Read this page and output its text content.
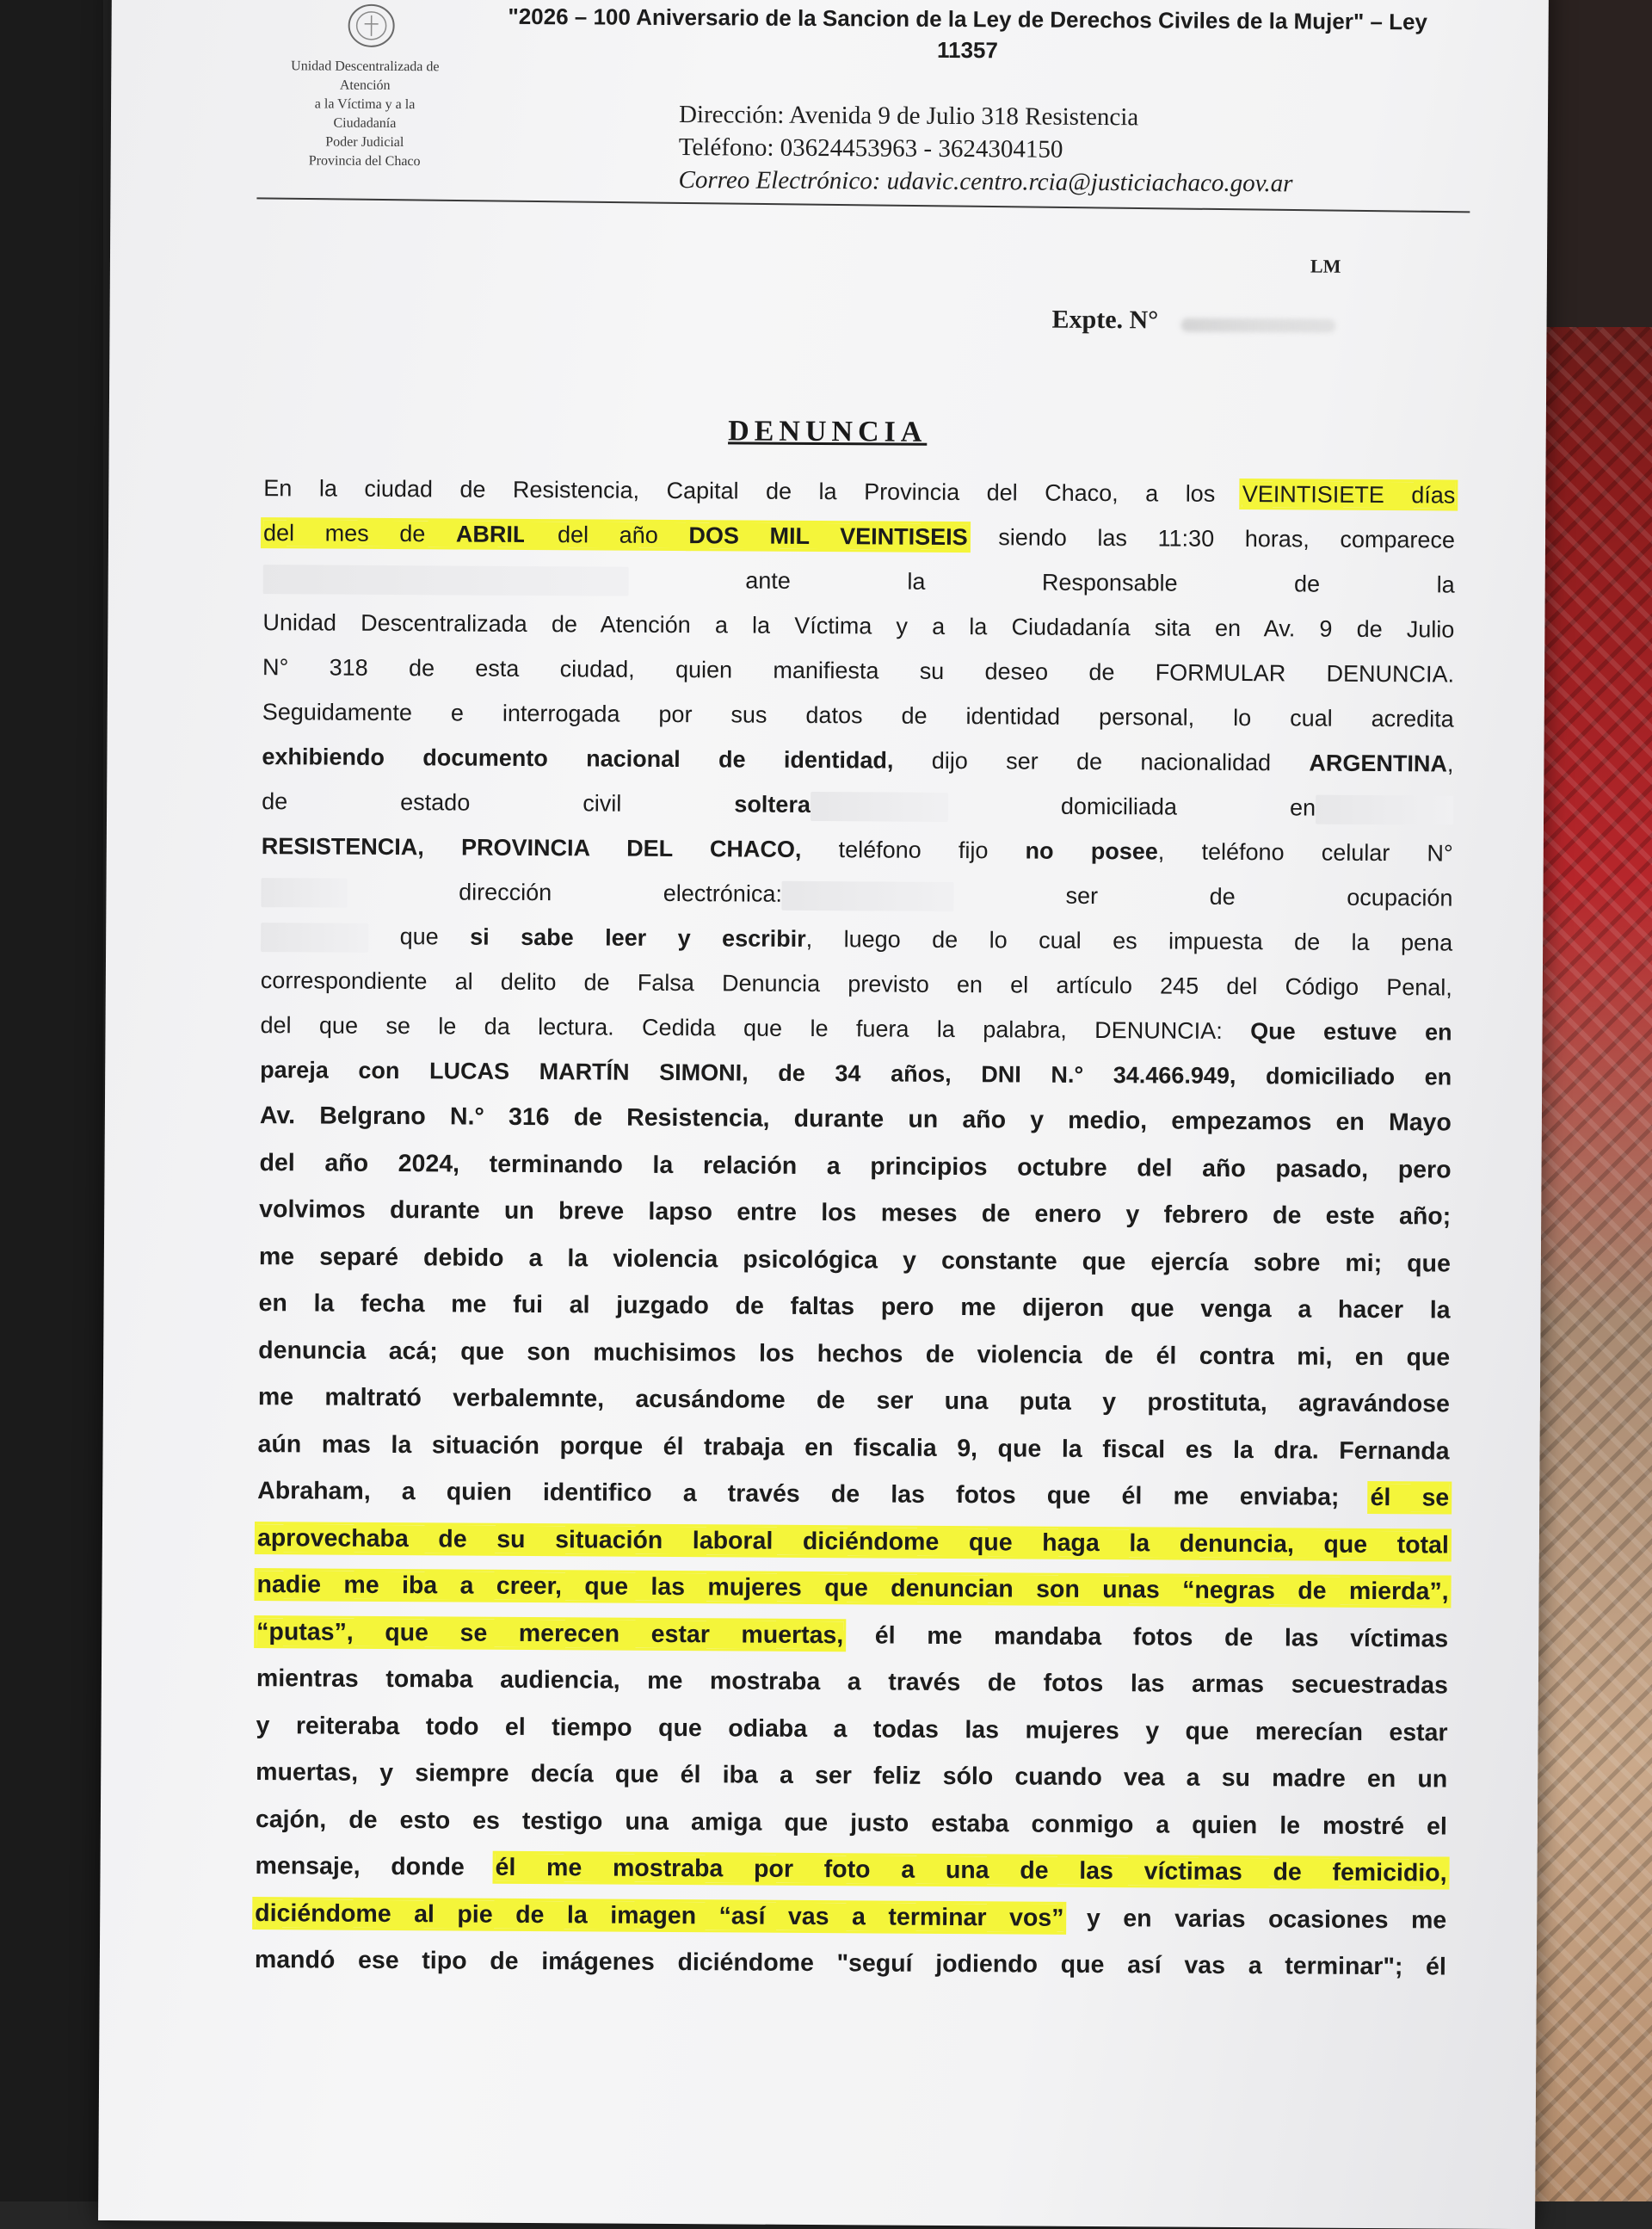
Unidad Descentralizada de
Atención
a la Víctima y a la
Ciudadanía
Poder Judicial
Provincia del Chaco
"2026 – 100 Aniversario de la Sancion de la Ley de Derechos Civiles de la Mujer" – Ley 11357
Dirección: Avenida 9 de Julio 318 Resistencia
Teléfono: 03624453963 - 3624304150
Correo Electrónico: udavic.centro.rcia@justiciachaco.gov.ar
LM
Expte. N°
DENUNCIA
En la ciudad de Resistencia, Capital de la Provincia del Chaco, a los VEINTISIETE días
del mes de ABRIL del año DOS MIL VEINTISEIS siendo las 11:30 horas, comparece
ante la Responsable de la
Unidad Descentralizada de Atención a la Víctima y a la Ciudadanía sita en Av. 9 de Julio
N° 318 de esta ciudad, quien manifiesta su deseo de FORMULAR DENUNCIA.
Seguidamente e interrogada por sus datos de identidad personal, lo cual acredita
exhibiendo documento nacional de identidad, dijo ser de nacionalidad ARGENTINA,
de estado civil soltera	domiciliada en
RESISTENCIA, PROVINCIA DEL CHACO, teléfono fijo no posee, teléfono celular N°
dirección electrónica:	ser de ocupación
que si sabe leer y escribir, luego de lo cual es impuesta de la pena
correspondiente al delito de Falsa Denuncia previsto en el artículo 245 del Código Penal,
del que se le da lectura. Cedida que le fuera la palabra, DENUNCIA: Que estuve en
pareja con LUCAS MARTÍN SIMONI, de 34 años, DNI N.° 34.466.949, domiciliado en
Av. Belgrano N.° 316 de Resistencia, durante un año y medio, empezamos en Mayo
del año 2024, terminando la relación a principios octubre del año pasado, pero
volvimos durante un breve lapso entre los meses de enero y febrero de este año;
me separé debido a la violencia psicológica y constante que ejercía sobre mi; que
en la fecha me fui al juzgado de faltas pero me dijeron que venga a hacer la
denuncia acá; que son muchisimos los hechos de violencia de él contra mi, en que
me maltrató verbalemnte, acusándome de ser una puta y prostituta, agravándose
aún mas la situación porque él trabaja en fiscalia 9, que la fiscal es la dra. Fernanda
Abraham, a quien identifico a través de las fotos que él me enviaba; él se
aprovechaba de su situación laboral diciéndome que haga la denuncia, que total
nadie me iba a creer, que las mujeres que denuncian son unas “negras de mierda”,
“putas”, que se merecen estar muertas, él me mandaba fotos de las víctimas
mientras tomaba audiencia, me mostraba a través de fotos las armas secuestradas
y reiteraba todo el tiempo que odiaba a todas las mujeres y que merecían estar
muertas, y siempre decía que él iba a ser feliz sólo cuando vea a su madre en un
cajón, de esto es testigo una amiga que justo estaba conmigo a quien le mostré el
mensaje, donde él me mostraba por foto a una de las víctimas de femicidio,
diciéndome al pie de la imagen “así vas a terminar vos” y en varias ocasiones me
mandó ese tipo de imágenes diciéndome "seguí jodiendo que así vas a terminar"; él
